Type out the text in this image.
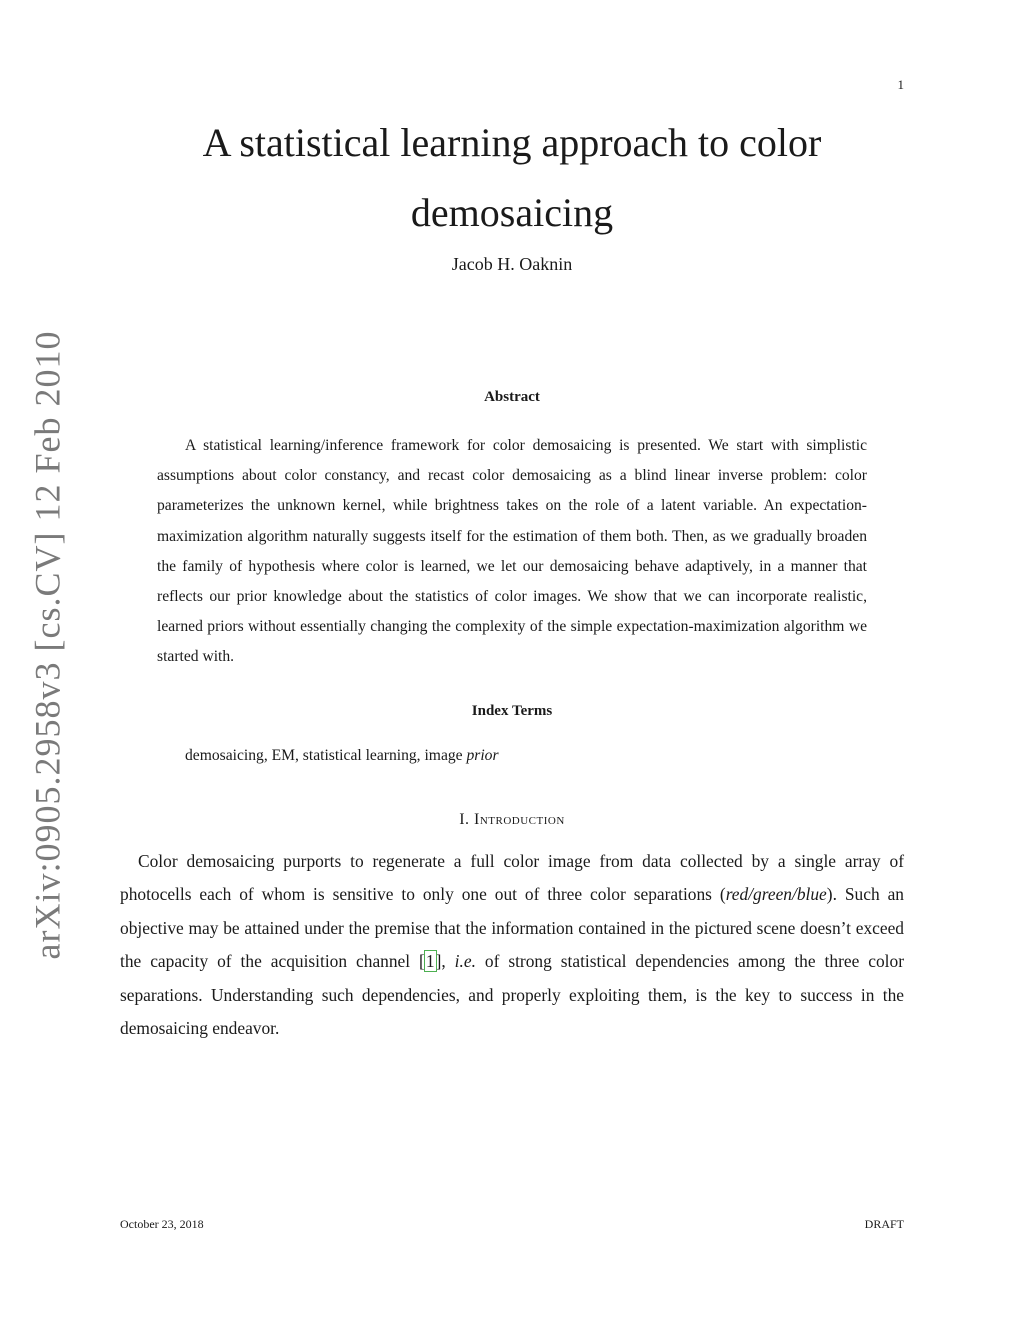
1
arXiv:0905.2958v3 [cs.CV] 12 Feb 2010
A statistical learning approach to color demosaicing
Jacob H. Oaknin
Abstract

A statistical learning/inference framework for color demosaicing is presented. We start with simplistic assumptions about color constancy, and recast color demosaicing as a blind linear inverse problem: color parameterizes the unknown kernel, while brightness takes on the role of a latent variable. An expectation-maximization algorithm naturally suggests itself for the estimation of them both. Then, as we gradually broaden the family of hypothesis where color is learned, we let our demosaicing behave adaptively, in a manner that reflects our prior knowledge about the statistics of color images. We show that we can incorporate realistic, learned priors without essentially changing the complexity of the simple expectation-maximization algorithm we started with.

Index Terms
demosaicing, EM, statistical learning, image prior
I. Introduction

Color demosaicing purports to regenerate a full color image from data collected by a single array of photocells each of whom is sensitive to only one out of three color separations (red/green/blue). Such an objective may be attained under the premise that the information contained in the pictured scene doesn’t exceed the capacity of the acquisition channel [1], i.e. of strong statistical dependencies among the three color separations. Understanding such dependencies, and properly exploiting them, is the key to success in the demosaicing endeavor.

October 23, 2018	DRAFT
